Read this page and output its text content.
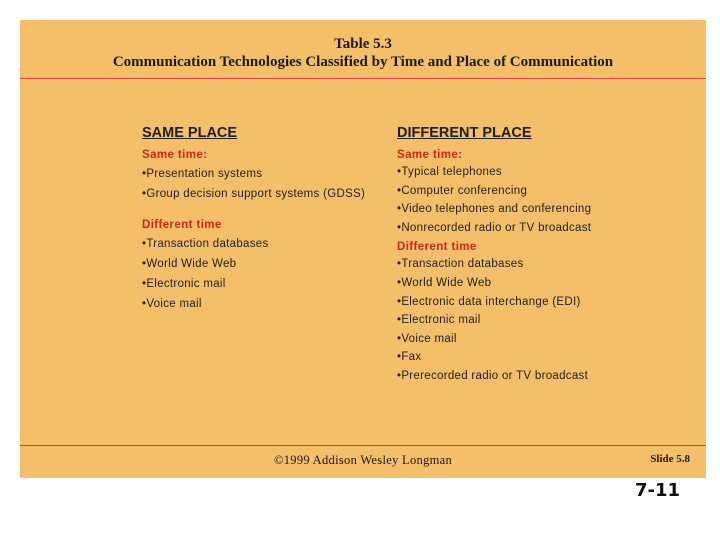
Table 5.3
Communication Technologies Classified by Time and Place of Communication
SAME PLACE
Same time:
•Presentation systems
•Group decision support systems (GDSS)
Different time
•Transaction databases
•World Wide Web
•Electronic mail
•Voice mail
DIFFERENT PLACE
Same time:
•Typical telephones
•Computer conferencing
•Video telephones and conferencing
•Nonrecorded radio or TV broadcast
Different time
•Transaction databases
•World Wide Web
•Electronic data interchange (EDI)
•Electronic mail
•Voice mail
•Fax
•Prerecorded radio or TV broadcast
©1999 Addison Wesley Longman	Slide 5.8
7-11
